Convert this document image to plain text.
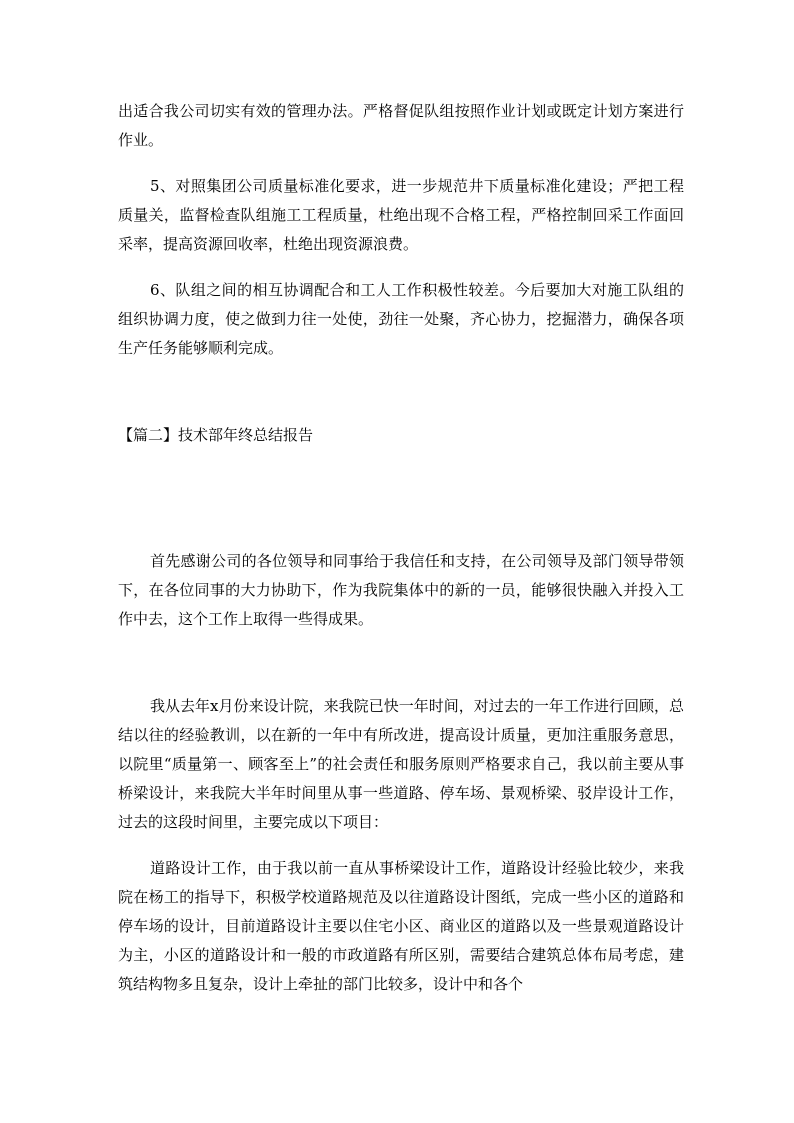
出适合我公司切实有效的管理办法。严格督促队组按照作业计划或既定计划方案进行作业。

5、对照集团公司质量标准化要求，进一步规范井下质量标准化建设；严把工程质量关，监督检查队组施工工程质量，杜绝出现不合格工程，严格控制回采工作面回采率，提高资源回收率，杜绝出现资源浪费。

6、队组之间的相互协调配合和工人工作积极性较差。今后要加大对施工队组的组织协调力度，使之做到力往一处使，劲往一处聚，齐心协力，挖掘潜力，确保各项生产任务能够顺利完成。

【篇二】技术部年终总结报告

首先感谢公司的各位领导和同事给于我信任和支持，在公司领导及部门领导带领下，在各位同事的大力协助下，作为我院集体中的新的一员，能够很快融入并投入工作中去，这个工作上取得一些得成果。

我从去年x月份来设计院，来我院已快一年时间，对过去的一年工作进行回顾，总结以往的经验教训，以在新的一年中有所改进，提高设计质量，更加注重服务意思，以院里“质量第一、顾客至上”的社会责任和服务原则严格要求自己，我以前主要从事桥梁设计，来我院大半年时间里从事一些道路、停车场、景观桥梁、驳岸设计工作，过去的这段时间里，主要完成以下项目：

道路设计工作，由于我以前一直从事桥梁设计工作，道路设计经验比较少，来我院在杨工的指导下，积极学校道路规范及以往道路设计图纸，完成一些小区的道路和停车场的设计，目前道路设计主要以住宅小区、商业区的道路以及一些景观道路设计为主，小区的道路设计和一般的市政道路有所区别，需要结合建筑总体布局考虑，建筑结构物多且复杂，设计上牵扯的部门比较多，设计中和各个
